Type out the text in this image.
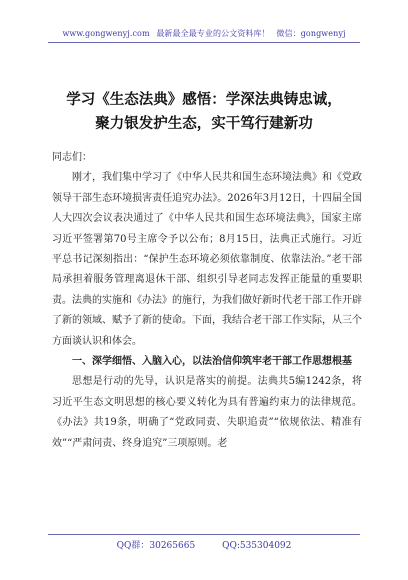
www.gongwenyj.com 最新最全最专业的公文资料库！ 微信：gongwenyj
学习《生态法典》感悟：学深法典铸忠诚，
聚力银发护生态，实干笃行建新功

同志们：

刚才，我们集中学习了《中华人民共和国生态环境法典》和《党政领导干部生态环境损害责任追究办法》。2026年3月12日，十四届全国人大四次会议表决通过了《中华人民共和国生态环境法典》，国家主席习近平签署第70号主席令予以公布；8月15日，法典正式施行。习近平总书记深刻指出：“保护生态环境必须依靠制度、依靠法治。”老干部局承担着服务管理离退休干部、组织引导老同志发挥正能量的重要职责。法典的实施和《办法》的施行，为我们做好新时代老干部工作开辟了新的领域、赋予了新的使命。下面，我结合老干部工作实际，从三个方面谈认识和体会。

一、深学细悟、入脑入心，以法治信仰筑牢老干部工作思想根基

思想是行动的先导，认识是落实的前提。法典共5编1242条，将习近平生态文明思想的核心要义转化为具有普遍约束力的法律规范。《办法》共19条，明确了“党政同责、失职追责”“依规依法、精准有效”“严肃问责、终身追究”三项原则。老

QQ群：30265665	QQ:535304092
